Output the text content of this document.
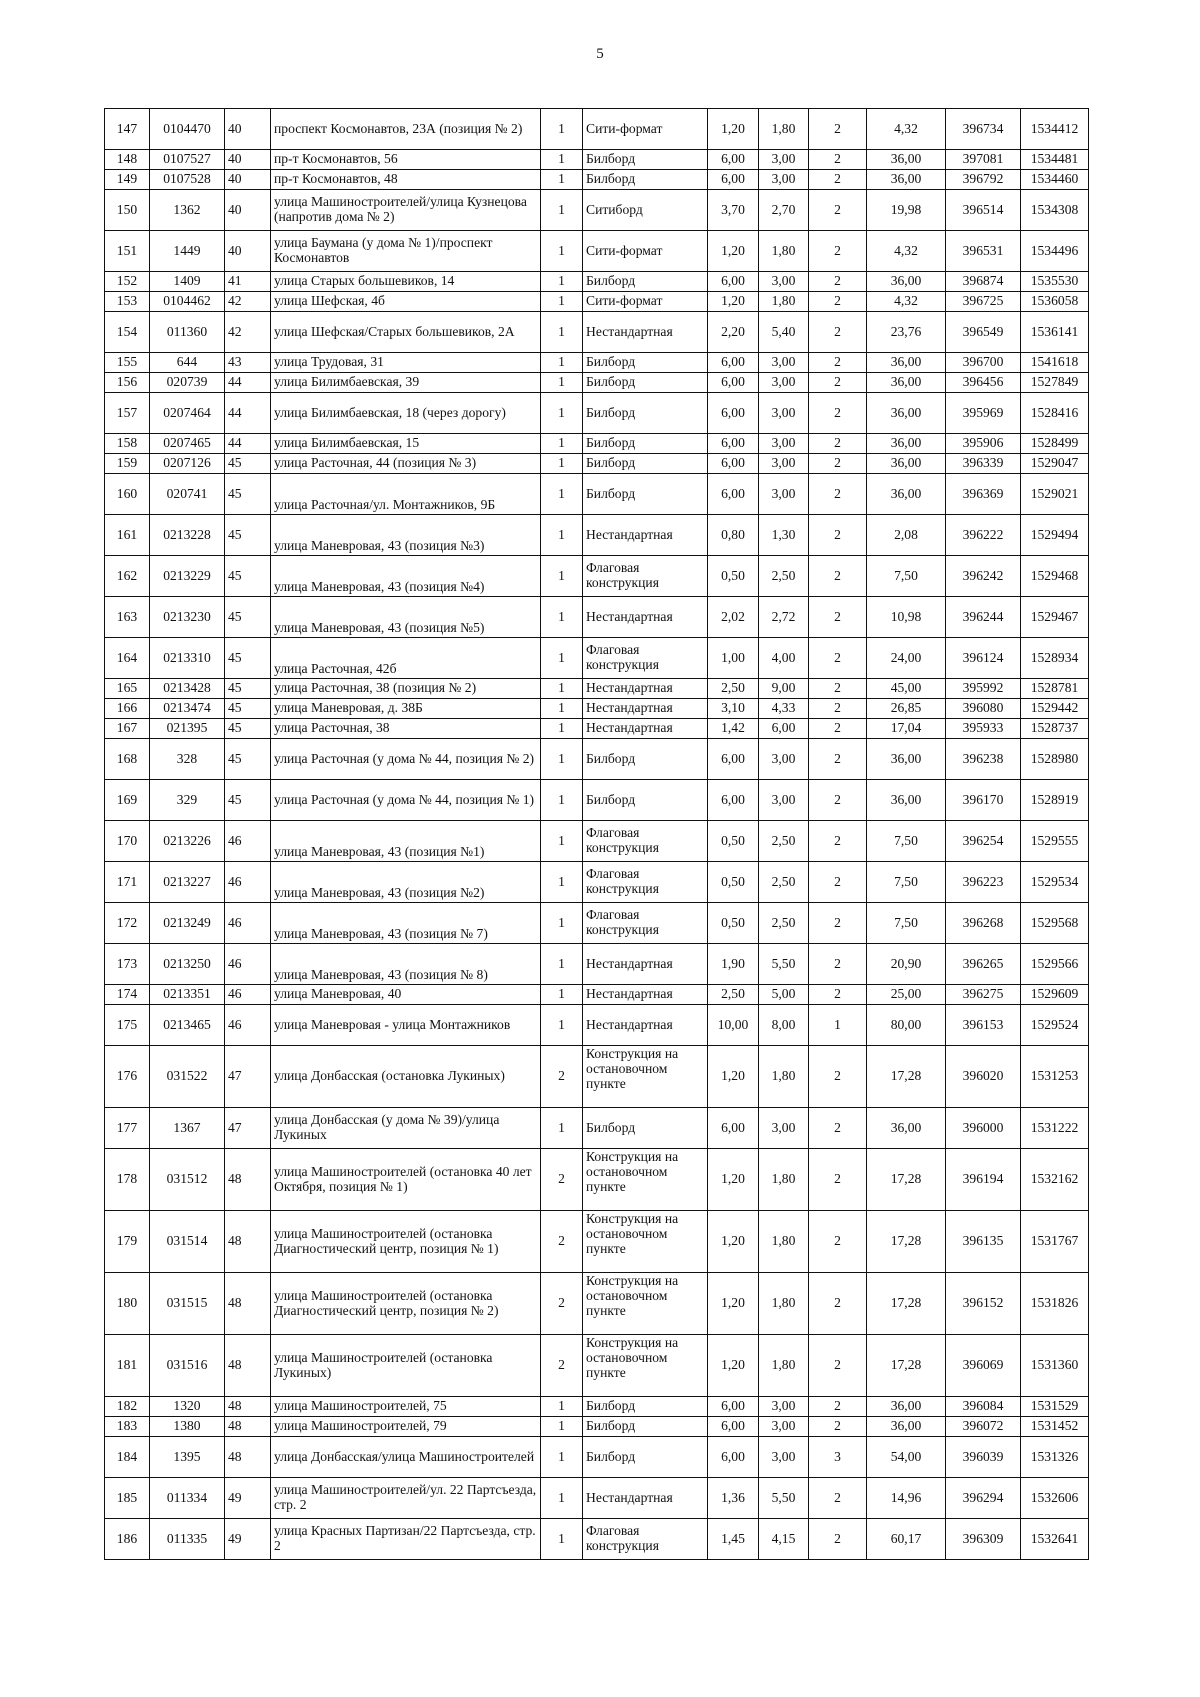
5
147	0104470	40	проспект Космонавтов, 23А (позиция № 2)	1	Сити-формат	1,20	1,80	2	4,32	396734	1534412
148	0107527	40	пр-т Космонавтов, 56	1	Билборд	6,00	3,00	2	36,00	397081	1534481
149	0107528	40	пр-т Космонавтов, 48	1	Билборд	6,00	3,00	2	36,00	396792	1534460
150	1362	40	улица Машиностроителей/улица Кузнецова (напротив дома № 2)	1	Ситиборд	3,70	2,70	2	19,98	396514	1534308
151	1449	40	улица Баумана (у дома № 1)/проспект Космонавтов	1	Сити-формат	1,20	1,80	2	4,32	396531	1534496
152	1409	41	улица Старых большевиков, 14	1	Билборд	6,00	3,00	2	36,00	396874	1535530
153	0104462	42	улица Шефская, 4б	1	Сити-формат	1,20	1,80	2	4,32	396725	1536058
154	011360	42	улица Шефская/Старых большевиков, 2А	1	Нестандартная	2,20	5,40	2	23,76	396549	1536141
155	644	43	улица Трудовая, 31	1	Билборд	6,00	3,00	2	36,00	396700	1541618
156	020739	44	улица Билимбаевская, 39	1	Билборд	6,00	3,00	2	36,00	396456	1527849
157	0207464	44	улица Билимбаевская, 18 (через дорогу)	1	Билборд	6,00	3,00	2	36,00	395969	1528416
158	0207465	44	улица Билимбаевская, 15	1	Билборд	6,00	3,00	2	36,00	395906	1528499
159	0207126	45	улица Расточная, 44 (позиция № 3)	1	Билборд	6,00	3,00	2	36,00	396339	1529047
160	020741	45	улица Расточная/ул. Монтажников, 9Б	1	Билборд	6,00	3,00	2	36,00	396369	1529021
161	0213228	45	улица Маневровая, 43 (позиция №3)	1	Нестандартная	0,80	1,30	2	2,08	396222	1529494
162	0213229	45	улица Маневровая, 43 (позиция №4)	1	Флаговая конструкция	0,50	2,50	2	7,50	396242	1529468
163	0213230	45	улица Маневровая, 43 (позиция №5)	1	Нестандартная	2,02	2,72	2	10,98	396244	1529467
164	0213310	45	улица Расточная, 42б	1	Флаговая конструкция	1,00	4,00	2	24,00	396124	1528934
165	0213428	45	улица Расточная, 38 (позиция № 2)	1	Нестандартная	2,50	9,00	2	45,00	395992	1528781
166	0213474	45	улица Маневровая, д. 38Б	1	Нестандартная	3,10	4,33	2	26,85	396080	1529442
167	021395	45	улица Расточная, 38	1	Нестандартная	1,42	6,00	2	17,04	395933	1528737
168	328	45	улица Расточная (у дома № 44, позиция № 2)	1	Билборд	6,00	3,00	2	36,00	396238	1528980
169	329	45	улица Расточная (у дома № 44, позиция № 1)	1	Билборд	6,00	3,00	2	36,00	396170	1528919
170	0213226	46	улица Маневровая, 43 (позиция №1)	1	Флаговая конструкция	0,50	2,50	2	7,50	396254	1529555
171	0213227	46	улица Маневровая, 43 (позиция №2)	1	Флаговая конструкция	0,50	2,50	2	7,50	396223	1529534
172	0213249	46	улица Маневровая, 43 (позиция № 7)	1	Флаговая конструкция	0,50	2,50	2	7,50	396268	1529568
173	0213250	46	улица Маневровая, 43 (позиция № 8)	1	Нестандартная	1,90	5,50	2	20,90	396265	1529566
174	0213351	46	улица Маневровая, 40	1	Нестандартная	2,50	5,00	2	25,00	396275	1529609
175	0213465	46	улица Маневровая - улица Монтажников	1	Нестандартная	10,00	8,00	1	80,00	396153	1529524
176	031522	47	улица Донбасская (остановка Лукиных)	2	Конструкция на остановочном пункте	1,20	1,80	2	17,28	396020	1531253
177	1367	47	улица Донбасская (у дома № 39)/улица Лукиных	1	Билборд	6,00	3,00	2	36,00	396000	1531222
178	031512	48	улица Машиностроителей (остановка 40 лет Октября, позиция № 1)	2	Конструкция на остановочном пункте	1,20	1,80	2	17,28	396194	1532162
179	031514	48	улица Машиностроителей (остановка Диагностический центр, позиция № 1)	2	Конструкция на остановочном пункте	1,20	1,80	2	17,28	396135	1531767
180	031515	48	улица Машиностроителей (остановка Диагностический центр, позиция № 2)	2	Конструкция на остановочном пункте	1,20	1,80	2	17,28	396152	1531826
181	031516	48	улица Машиностроителей (остановка Лукиных)	2	Конструкция на остановочном пункте	1,20	1,80	2	17,28	396069	1531360
182	1320	48	улица Машиностроителей, 75	1	Билборд	6,00	3,00	2	36,00	396084	1531529
183	1380	48	улица Машиностроителей, 79	1	Билборд	6,00	3,00	2	36,00	396072	1531452
184	1395	48	улица Донбасская/улица Машиностроителей	1	Билборд	6,00	3,00	3	54,00	396039	1531326
185	011334	49	улица Машиностроителей/ул. 22 Партсъезда, стр. 2	1	Нестандартная	1,36	5,50	2	14,96	396294	1532606
186	011335	49	улица Красных Партизан/22 Партсъезда, стр. 2	1	Флаговая конструкция	1,45	4,15	2	60,17	396309	1532641
